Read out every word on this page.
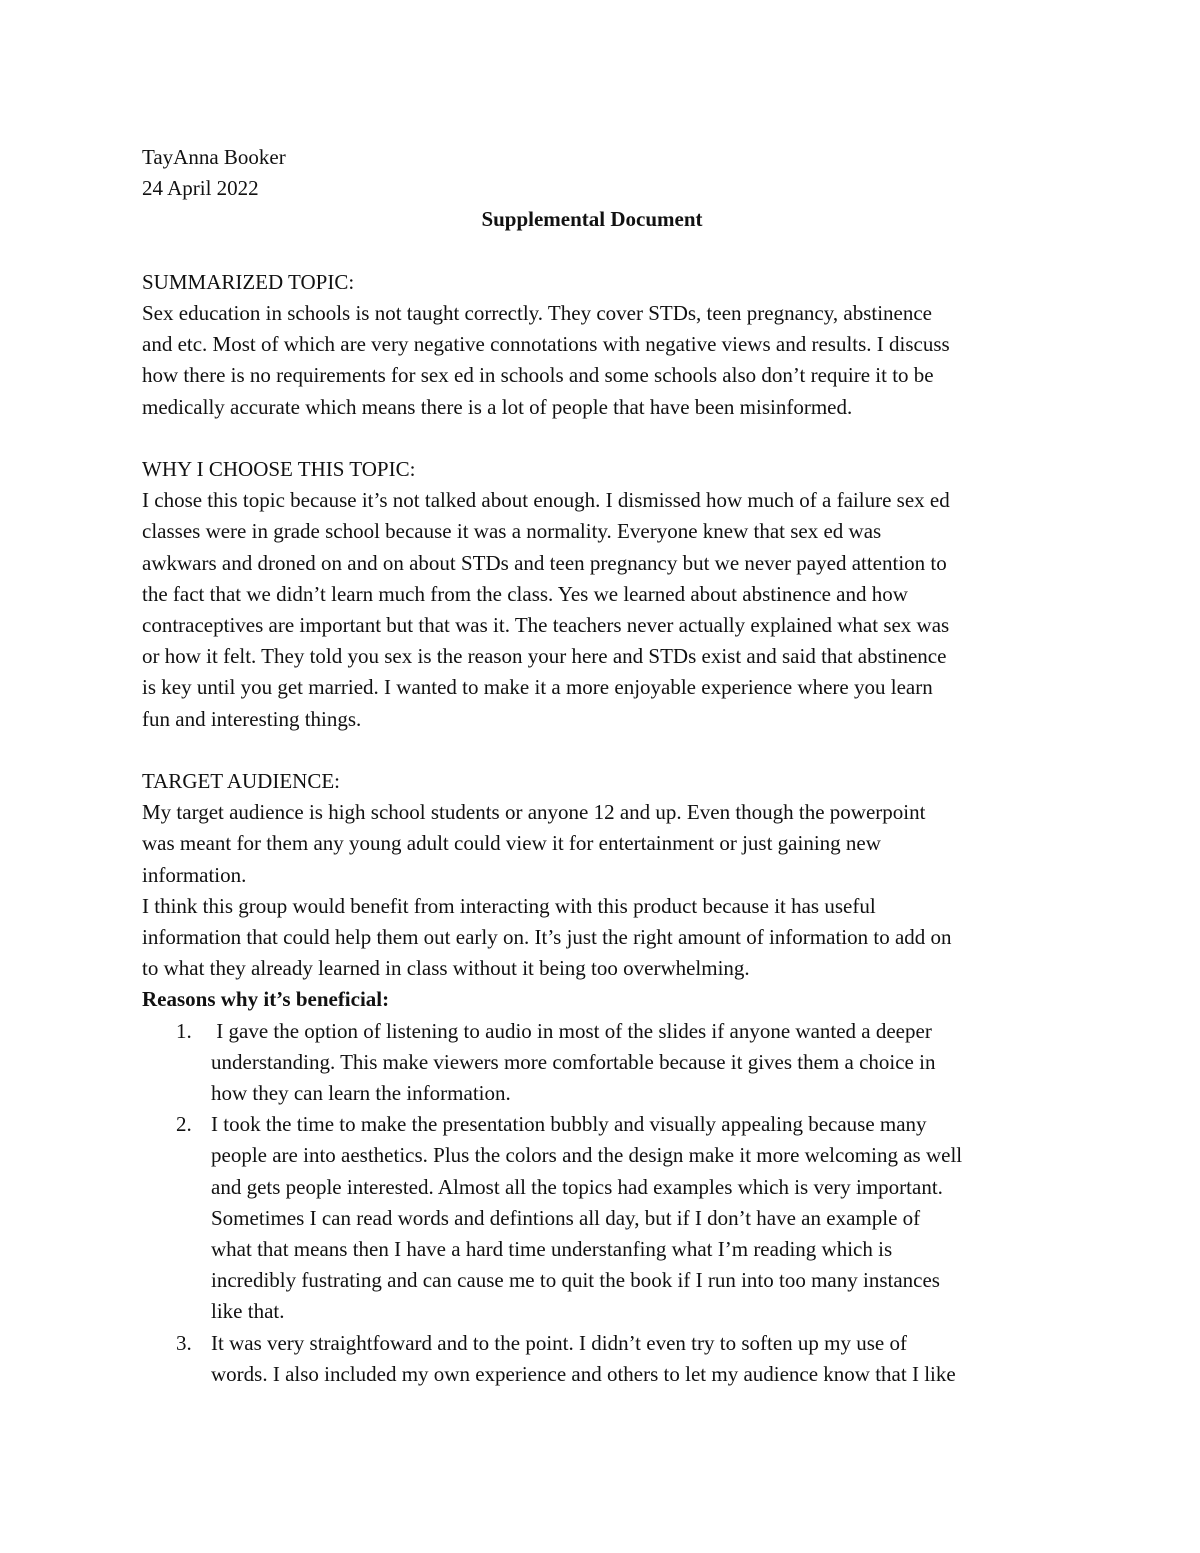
TayAnna Booker
24 April 2022
Supplemental Document
SUMMARIZED TOPIC:
Sex education in schools is not taught correctly. They cover STDs, teen pregnancy, abstinence
and etc. Most of which are very negative connotations with negative views and results. I discuss
how there is no requirements for sex ed in schools and some schools also don’t require it to be
medically accurate which means there is a lot of people that have been misinformed.
WHY I CHOOSE THIS TOPIC:
I chose this topic because it’s not talked about enough. I dismissed how much of a failure sex ed
classes were in grade school because it was a normality. Everyone knew that sex ed was
awkwars and droned on and on about STDs and teen pregnancy but we never payed attention to
the fact that we didn’t learn much from the class. Yes we learned about abstinence and how
contraceptives are important but that was it. The teachers never actually explained what sex was
or how it felt. They told you sex is the reason your here and STDs exist and said that abstinence
is key until you get married. I wanted to make it a more enjoyable experience where you learn
fun and interesting things.
TARGET AUDIENCE:
My target audience is high school students or anyone 12 and up. Even though the powerpoint
was meant for them any young adult could view it for entertainment or just gaining new
information.
I think this group would benefit from interacting with this product because it has useful
information that could help them out early on. It’s just the right amount of information to add on
to what they already learned in class without it being too overwhelming.
Reasons why it’s beneficial:
1. I gave the option of listening to audio in most of the slides if anyone wanted a deeper
understanding. This make viewers more comfortable because it gives them a choice in
how they can learn the information.
2. I took the time to make the presentation bubbly and visually appealing because many
people are into aesthetics. Plus the colors and the design make it more welcoming as well
and gets people interested. Almost all the topics had examples which is very important.
Sometimes I can read words and defintions all day, but if I don’t have an example of
what that means then I have a hard time understanfing what I’m reading which is
incredibly fustrating and can cause me to quit the book if I run into too many instances
like that.
3. It was very straightfoward and to the point. I didn’t even try to soften up my use of
words. I also included my own experience and others to let my audience know that I like
